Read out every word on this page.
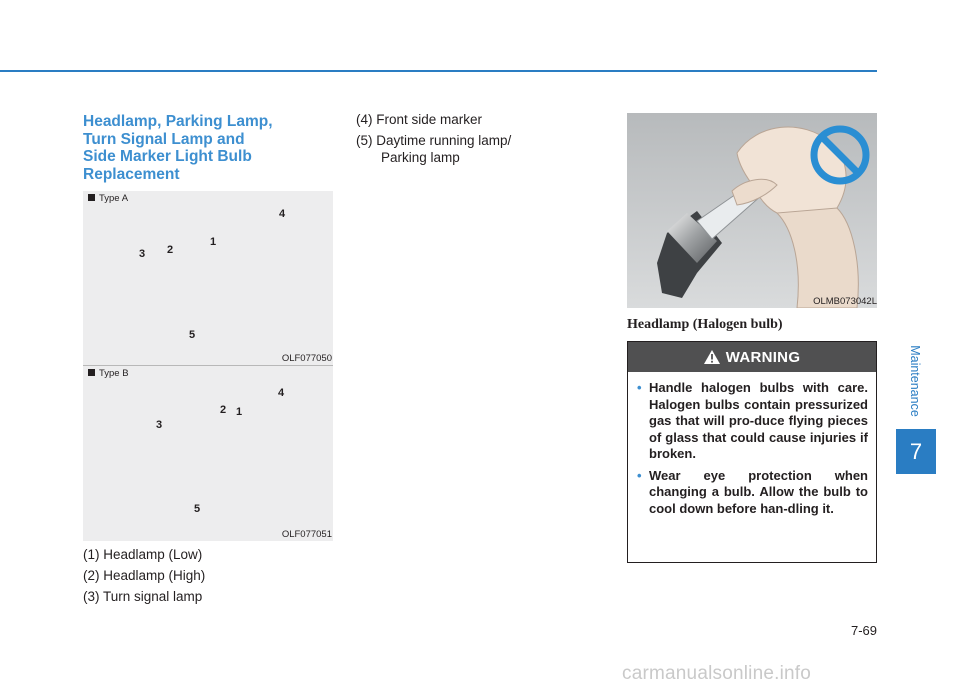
Headlamp, Parking Lamp,
Turn Signal Lamp and
Side Marker Light Bulb
Replacement
Type A
4
1
3 2
5
OLF077050
Type B
4
2 1
3
5
OLF077051
(1) Headlamp (Low)
(2) Headlamp (High)
(3) Turn signal lamp
(4) Front side marker
(5) Daytime running lamp/
Parking lamp
OLMB073042L

Headlamp (Halogen bulb)

WARNING
• Handle halogen bulbs with care. Halogen bulbs contain pressurized gas that will pro-duce flying pieces of glass that could cause injuries if broken.
• Wear eye protection when changing a bulb. Allow the bulb to cool down before han-dling it.
Maintenance
7
7-69
carmanualsonline.info
